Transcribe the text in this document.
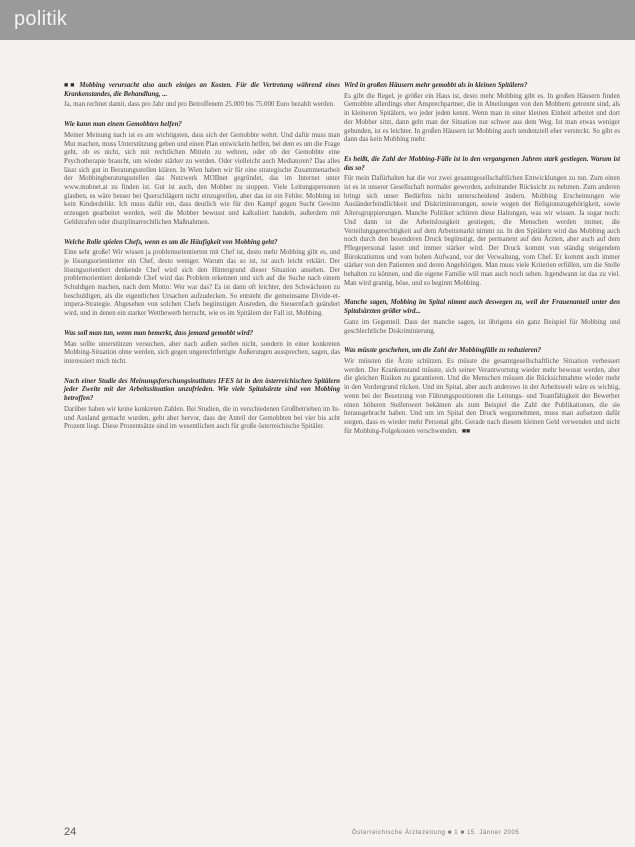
politik

■■ Mobbing verursacht also auch einiges an Kosten. Für die Vertretung während eines Krankenstandes, die Behandlung, ...

Ja, man rechnet damit, dass pro Jahr und pro Betroffenem 25.000 bis 75.000 Euro bezahlt werden.

Wie kann man einem Gemobbten helfen?

Meiner Meinung nach ist es am wichtigsten, dass sich der Gemobbte wehrt. Und dafür muss man Mut machen, muss Unterstützung geben und einen Plan entwickeln helfen, bei dem es um die Frage geht, ob es nicht, sich mit rechtlichen Mitteln zu wehren, oder ob der Gemobbte eine Psychotherapie braucht, um wieder stärker zu werden. Oder vielleicht auch Mediatoren? Das alles lässt sich gut in Beratungsstellen klären. In Wien haben wir für eine strategische Zusammenarbeit der Mobbingberatungsstellen das Netzwerk MOBnet gegründet, das im Internet unter www.mobnet.at zu finden ist. Gut ist auch, den Mobber zu stoppen. Viele Leitungspersonen glauben, es wäre besser bei Querschlägern nicht einzugreifen, aber das ist ein Fehler. Mobbing ist kein Kinderdelikt. Ich muss dafür ein, dass deutlich wie für den Kampf gegen Sucht Gewinn erzeugen gearbeitet werden, weil die Mobber bewusst und kalkuliert handeln, außerdem mit Geldstrafen oder disziplinarrechtlichen Maßnahmen.

Welche Rolle spielen Chefs, wenn es um die Häufigkeit von Mobbing geht?

Eine sehr große! Wir wissen ja problemorientierten mit Chef ist, desto mehr Mobbing gibt es, und je lösungsorientierter ein Chef, desto weniger. Warum das so ist, ist auch leicht erklärt. Der lösungsorientiert denkende Chef wird sich den Hintergrund dieser Situation ansehen. Der problemorientiert denkende Chef wird das Problem erkennen und sich auf die Suche nach einem Schuldigen machen, nach dem Motto: Wer war das? Es ist dann oft leichter, den Schwächsten zu beschuldigen, als die eigentlichen Ursachen aufzudecken. So entsteht die gemeinsame Divide-et-impera-Strategie. Abgesehen von solchen Chefs begünstigen Ausreden, die Steuernfach geändert wird, und in denen ein starker Wettbewerb herrscht, wie es im Spitälern der Fall ist, Mobbing.

Was soll man tun, wenn man bemerkt, dass jemand gemobbt wird?

Man sollte unterstützen versuchen, aber nach außen stellen nicht, sondern in einer konkreten Mobbing-Situation ohne werden, sich gegen ungerechtfertigte Äußerungen aussprechen, sagen, das interessiert mich nicht.

Nach einer Studie des Meinungsforschungsinstitutes IFES ist in den österreichischen Spitälern jeder Zweite mit der Arbeitssituation unzufrieden. Wie viele Spitalsärzte sind von Mobbing betroffen?

Darüber haben wir keine konkreten Zahlen. Bei Studien, die in verschiedenen Großbetrieben im In- und Ausland gemacht wurden, geht aber hervor, dass der Anteil der Gemobbten bei vier bis acht Prozent liegt. Diese Prozentsätze sind im wesentlichen auch für große österreichische Spitäler.

Wird in großen Häusern mehr gemobbt als in kleinen Spitälern?

Es gibt die Regel, je größer ein Haus ist, desto mehr Mobbing gibt es. In großen Häusern finden Gemobbte allerdings eher Ansprechpartner, die in Abteilungen von den Mobbern getrennt sind, als in kleineren Spitälern, wo jeder jeden kennt. Wenn man in einer kleinen Einheit arbeitet und dort der Mobber sitzt, dann geht man der Situation nur schwer aus dem Weg. Ist man etwas weniger gebunden, ist es leichter. In großen Häusern ist Mobbing auch tendenziell eher versteckt. So gibt es dann das kein Mobbing mehr.

Es heißt, die Zahl der Mobbing-Fälle ist in den vergangenen Jahren stark gestiegen. Warum ist das so?

Für mein Dafürhalten hat die vor zwei gesamtgesellschaftlichen Entwicklungen zu tun. Zum einen ist es in unserer Gesellschaft normaler geworden, aufeinander Rücksicht zu nehmen. Zum anderen bringt sich unser Bedürfnis nicht unterscheidend ändern. Mobbing Erscheinungen wie Ausländerfeindlichkeit und Diskriminierungen, sowie wegen der Religionszugehörigkeit, sowie Altersgruppierungen. Manche Politiker schüren diese Haltungen, was wir wissen. Ja sogar noch: Und dann ist die Arbeitslosigkeit gestiegen, die Menschen werden immer, die Verteilungsgerechtigkeit auf dem Arbeitsmarkt nimmt zu. In den Spitälern wird das Mobbing auch noch durch den besonderen Druck begünstigt, der permanent auf den Ärzten, aber auch auf dem Pflegepersonal lastet und immer stärker wird. Der Druck kommt von ständig steigendem Bürokratismus und vom hohen Aufwand, vor der Verwaltung, vom Chef. Er kommt auch immer stärker von den Patienten und deren Angehörigen. Man muss viele Kriterien erfüllen, um die Stelle behalten zu können, und die eigene Familie will man auch noch sehen. Irgendwann ist das zu viel. Man wird grantig, böse, und so beginnt Mobbing.

Manche sagen, Mobbing im Spital nimmt auch deswegen zu, weil der Frauenanteil unter den Spitalsärzten größer wird...

Ganz im Gegenteil. Dass der manche sagen, ist übrigens ein ganz Beispiel für Mobbing und geschlechtliche Diskriminierung.

Was müsste geschehen, um die Zahl der Mobbingfälle zu reduzieren?

Wir müssten die Ärzte schützen. Es müsste die gesamtgesellschaftliche Situation verbessert werden. Der Krankenstand müsste, sich seiner Verantwortung wieder mehr bewusst werden, aber die gleichen Risiken zu garantieren. Und die Menschen müssen die Rücksichtnahme wieder mehr in den Vordergrund rücken. Und im Spital, aber auch anderswo in der Arbeitswelt wäre es wichtig, wenn bei der Besetzung von Führungspositionen die Leitungs- und Teamfähigkeit der Bewerber einen höheren Stellenwert bekämen als zum Beispiel die Zahl der Publikationen, die sie herausgebracht haben. Und um im Spital den Druck wegzunehmen, muss man aufsetzen dafür sorgen, dass es wieder mehr Personal gibt. Gerade nach diesem kleinen Geld verwenden und nicht für Mobbing-Folgekosten verschwenden. ■■

24	Österreichische Ärztezeitung ■ 1 ■ 15. Jänner 2005
